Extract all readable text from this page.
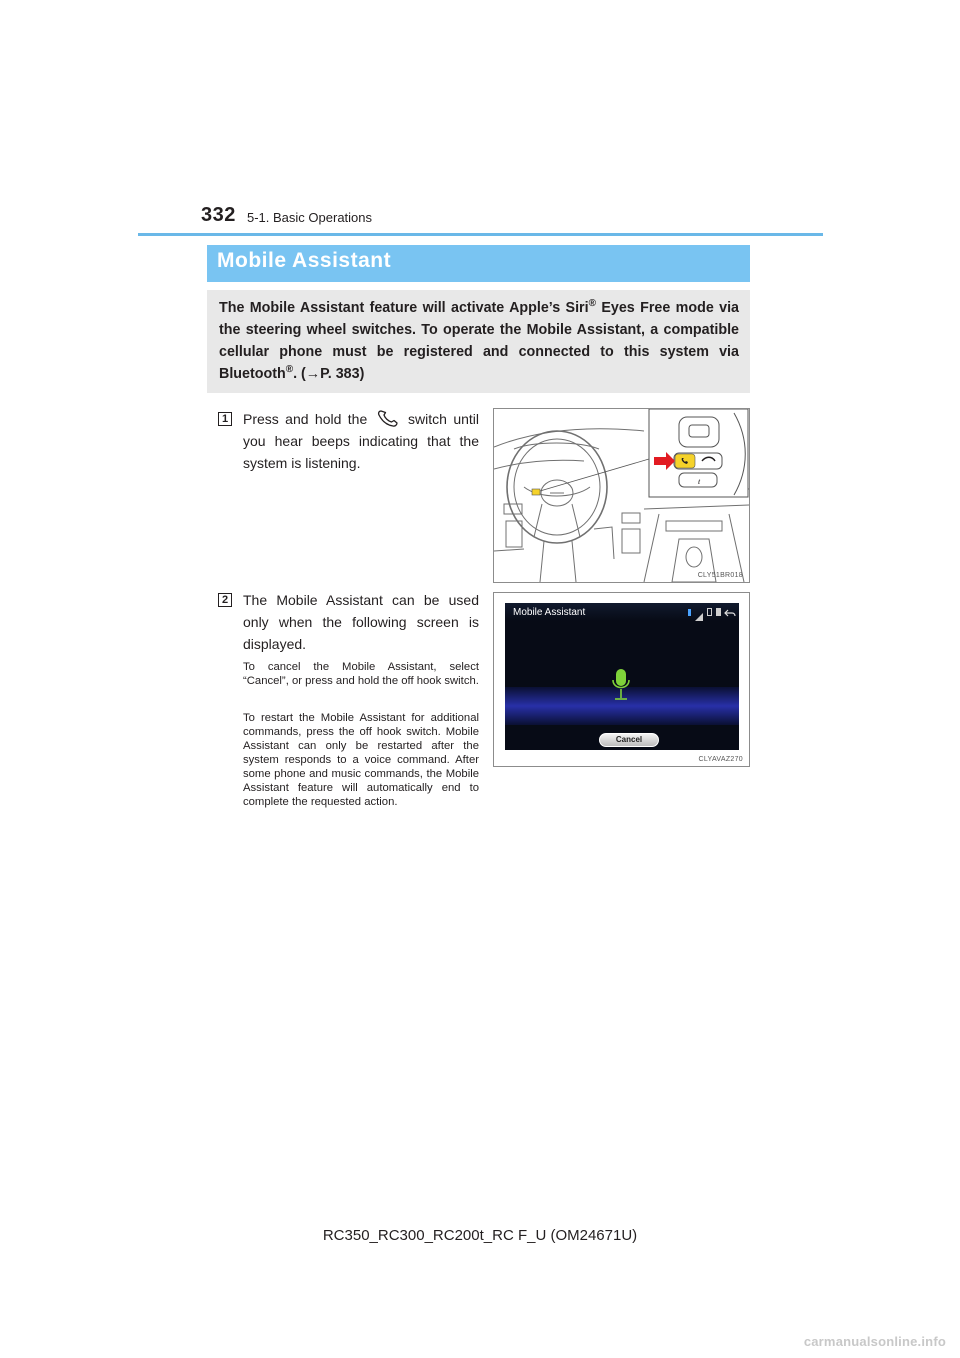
332 5-1. Basic Operations
Mobile Assistant

The Mobile Assistant feature will activate Apple’s Siri® Eyes Free mode via the steering wheel switches. To operate the Mobile Assistant, a compatible cellular phone must be registered and connected to this system via Bluetooth®. (→P. 383)

1 Press and hold the	switch until you hear beeps indicating that the system is listening.

ℓ
CLY51BR018
2 The Mobile Assistant can be used only when the following screen is displayed.

To cancel the Mobile Assistant, select “Cancel”, or press and hold the off hook switch.

To restart the Mobile Assistant for additional commands, press the off hook switch. Mobile Assistant can only be restarted after the system responds to a voice command. After some phone and music commands, the Mobile Assistant feature will automatically end to complete the requested action.

Mobile Assistant
Cancel
CLYAVAZ270
RC350_RC300_RC200t_RC F_U (OM24671U)
carmanualsonline.info
